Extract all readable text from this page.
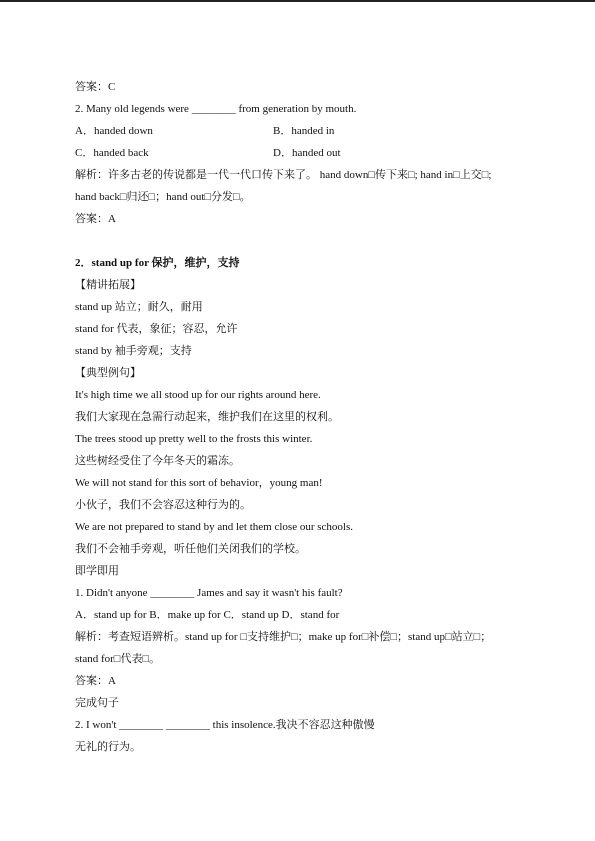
答案：C
2. Many old legends were ________ from generation by mouth.
A．handed down	B．handed in
C．handed back	D．handed out
解析：许多古老的传说都是一代一代口传下来了。 hand down□传下来□; hand in□上交□;
hand back□归还□；hand out□分发□。
答案：A
2．stand up for 保护，维护，支持
【精讲拓展】
stand up 站立；耐久，耐用
stand for 代表，象征；容忍，允许
stand by 袖手旁观；支持
【典型例句】
It's high time we all stood up for our rights around here.
我们大家现在急需行动起来，维护我们在这里的权利。
The trees stood up pretty well to the frosts this winter.
这些树经受住了今年冬天的霜冻。
We will not stand for this sort of behavior，young man!
小伙子，我们不会容忍这种行为的。
We are not prepared to stand by and let them close our schools.
我们不会袖手旁观，听任他们关闭我们的学校。
即学即用
1. Didn't anyone ________ James and say it wasn't his fault?
A．stand up for B．make up for C．stand up D．stand for
解析：考查短语辨析。stand up for □支持维护□；make up for□补偿□；stand up□站立□；
stand for□代表□。
答案：A
完成句子
2. I won't ________ ________ this insolence.我决不容忍这种傲慢
无礼的行为。
